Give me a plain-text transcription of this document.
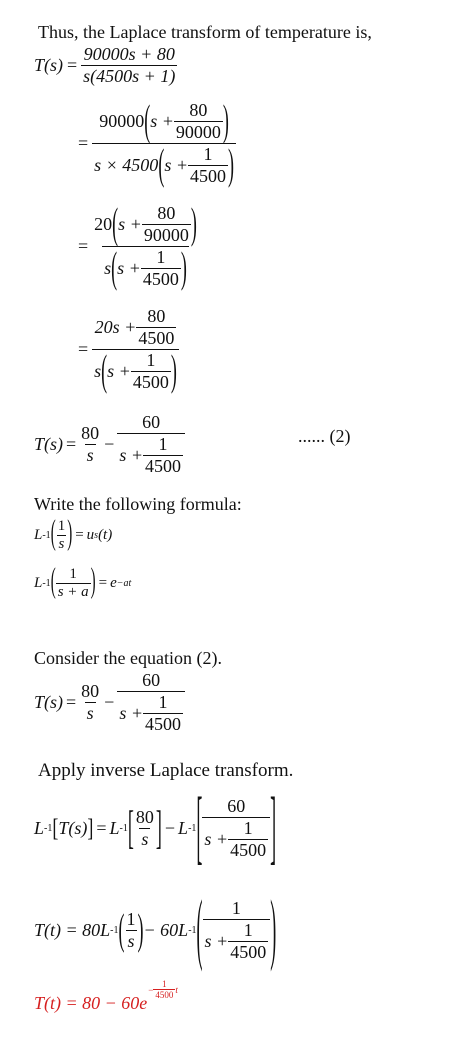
Thus, the Laplace transform of temperature is,
$T(s) = \frac{90000s + 80}{s(4500s + 1)}$
= $\frac{90000 ( s + \frac{80}{90000} )}{s \times 4500 ( s + \frac{1}{4500} )}$
= $\frac{20 ( s + \frac{80}{90000} )}{s ( s + \frac{1}{4500} )}$
= $\frac{20s + \frac{80}{4500}}{s ( s + \frac{1}{4500} )}$
$T(s) = \frac{80}{s} - \frac{60}{s + \frac{1}{4500}}$	...... (2)
Write the following formula:
L -1 ( $\frac{1}{s}$ ) = u s (t)
L -1 ( $\frac{1}{s + a}$ ) = e −at
Consider the equation (2).
$T(s) = \frac{80}{s} - \frac{60}{s + \frac{1}{4500}}$
Apply inverse Laplace transform.
L -1 [ T(s) ] = L -1 [ $\frac{80}{s}$ ] − L -1 [ $\frac{60}{s + \frac{1}{4500}}$ ]
T(t) = 80L -1 ( $\frac{1}{s}$ ) − 60L -1 ( $\frac{1}{s + \frac{1}{4500}}$ )
T(t) = 80 − 60e
− $\frac{1}{4500}$ t
